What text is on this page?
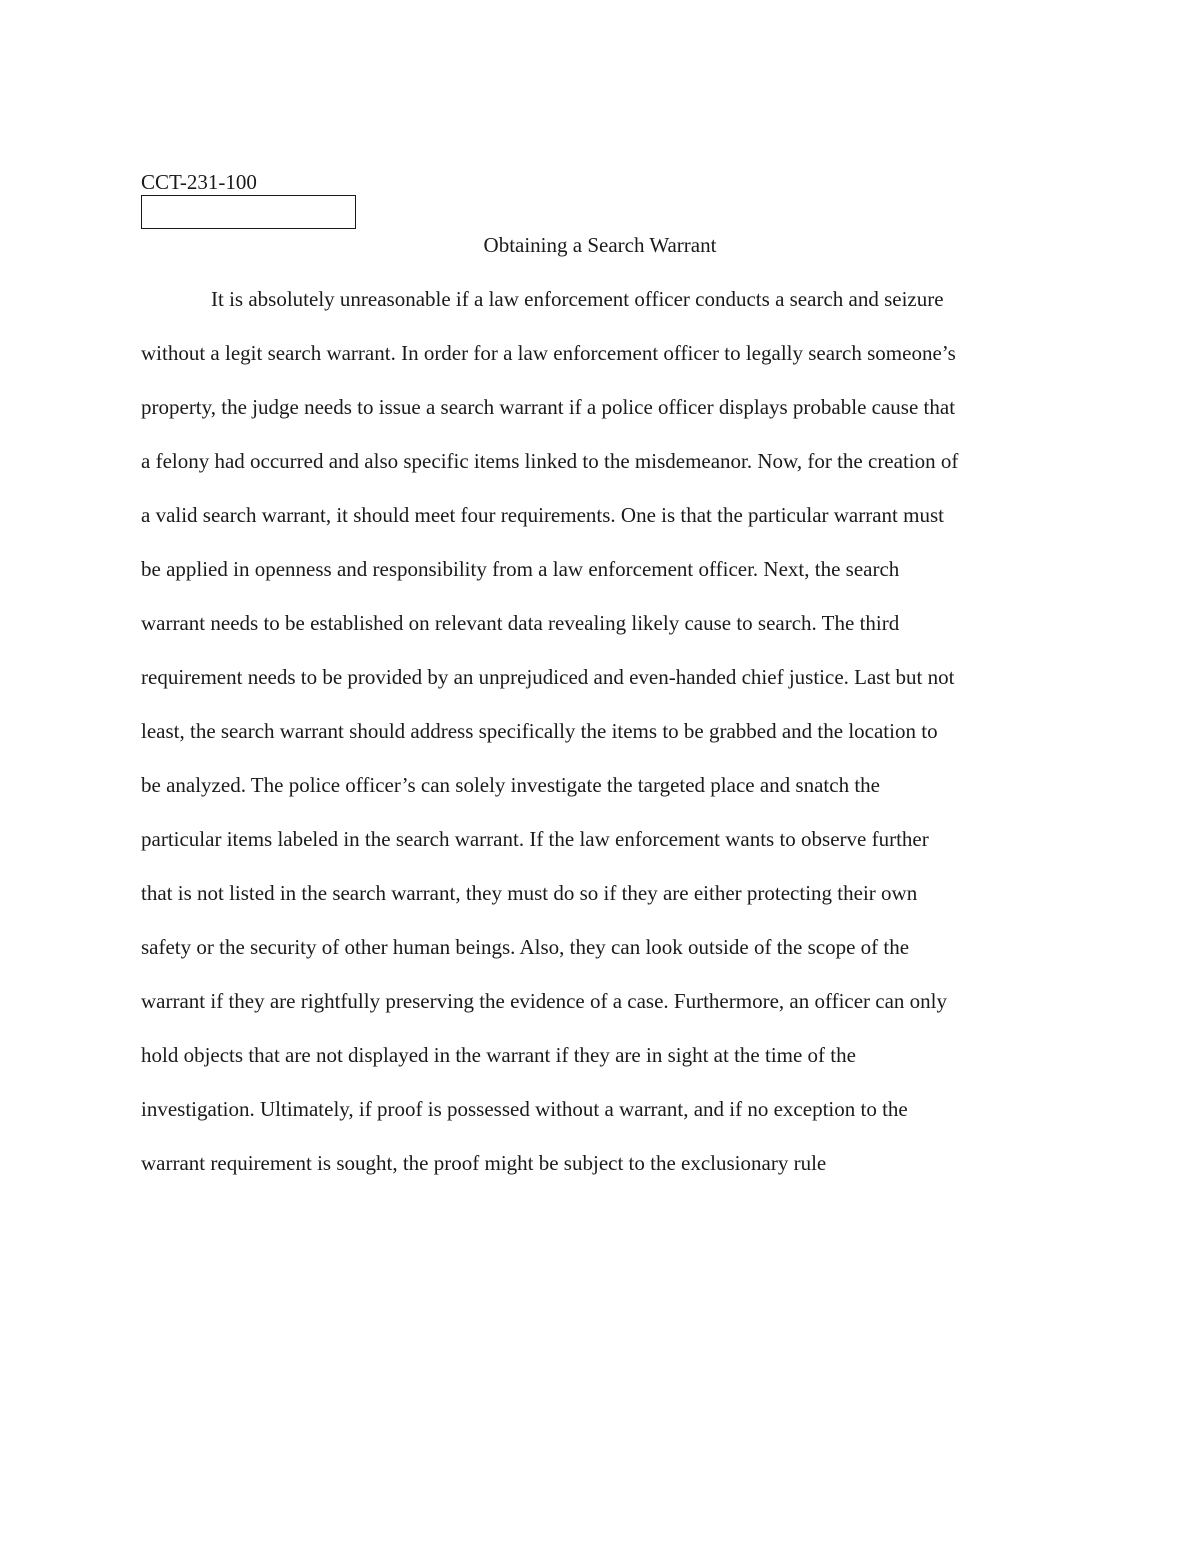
CCT-231-100
Obtaining a Search Warrant
It is absolutely unreasonable if a law enforcement officer conducts a search and seizure
without a legit search warrant. In order for a law enforcement officer to legally search someone’s
property, the judge needs to issue a search warrant if a police officer displays probable cause that
a felony had occurred and also specific items linked to the misdemeanor. Now, for the creation of
a valid search warrant, it should meet four requirements. One is that the particular warrant must
be applied in openness and responsibility from a law enforcement officer. Next, the search
warrant needs to be established on relevant data revealing likely cause to search. The third
requirement needs to be provided by an unprejudiced and even-handed chief justice. Last but not
least, the search warrant should address specifically the items to be grabbed and the location to
be analyzed. The police officer’s can solely investigate the targeted place and snatch the
particular items labeled in the search warrant. If the law enforcement wants to observe further
that is not listed in the search warrant, they must do so if they are either protecting their own
safety or the security of other human beings. Also, they can look outside of the scope of the
warrant if they are rightfully preserving the evidence of a case. Furthermore, an officer can only
hold objects that are not displayed in the warrant if they are in sight at the time of the
investigation. Ultimately, if proof is possessed without a warrant, and if no exception to the
warrant requirement is sought, the proof might be subject to the exclusionary rule
